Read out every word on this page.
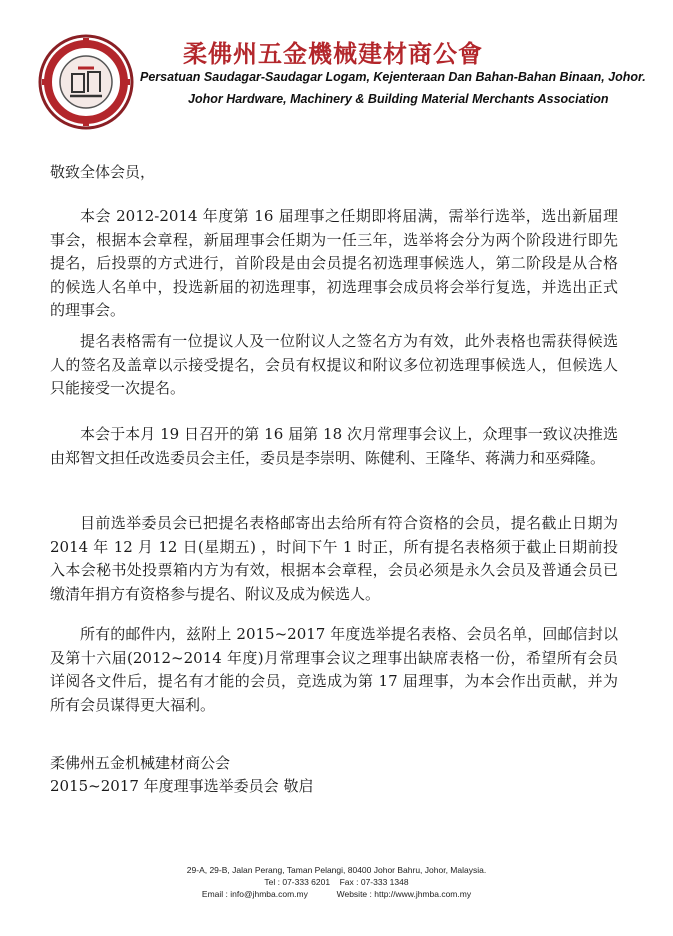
柔佛州五金機械建材商公會
Persatuan Saudagar-Saudagar Logam, Kejenteraan Dan Bahan-Bahan Binaan, Johor.
Johor Hardware, Machinery & Building Material Merchants Association
敬致全体会员，

本会 2012-2014 年度第 16 届理事之任期即将届满，需举行选举，选出新届理事会，根据本会章程，新届理事会任期为一任三年，选举将会分为两个阶段进行即先提名，后投票的方式进行，首阶段是由会员提名初选理事候选人，第二阶段是从合格的候选人名单中，投选新届的初选理事，初选理事会成员将会举行复选，并选出正式的理事会。

提名表格需有一位提议人及一位附议人之签名方为有效，此外表格也需获得候选人的签名及盖章以示接受提名，会员有权提议和附议多位初选理事候选人，但候选人只能接受一次提名。

本会于本月 19 日召开的第 16 届第 18 次月常理事会议上，众理事一致议决推选由郑智文担任改选委员会主任，委员是李崇明、陈健利、王隆华、蒋满力和巫舜隆。

目前选举委员会已把提名表格邮寄出去给所有符合资格的会员，提名截止日期为 2014 年 12 月 12 日(星期五) ，时间下午 1 时正，所有提名表格须于截止日期前投入本会秘书处投票箱内方为有效，根据本会章程，会员必须是永久会员及普通会员已缴清年捐方有资格参与提名、附议及成为候选人。

所有的邮件内，兹附上 2015~2017 年度选举提名表格、会员名单，回邮信封以及第十六届(2012~2014 年度)月常理事会议之理事出缺席表格一份，希望所有会员详阅各文件后，提名有才能的会员，竞选成为第 17 届理事，为本会作出贡献，并为所有会员谋得更大福利。

柔佛州五金机械建材商公会
2015~2017 年度理事选举委员会 敬启
29-A, 29-B, Jalan Perang, Taman Pelangi, 80400 Johor Bahru, Johor, Malaysia.
Tel : 07-333 6201 Fax : 07-333 1348
Email : info@jhmba.com.my	Website : http://www.jhmba.com.my
